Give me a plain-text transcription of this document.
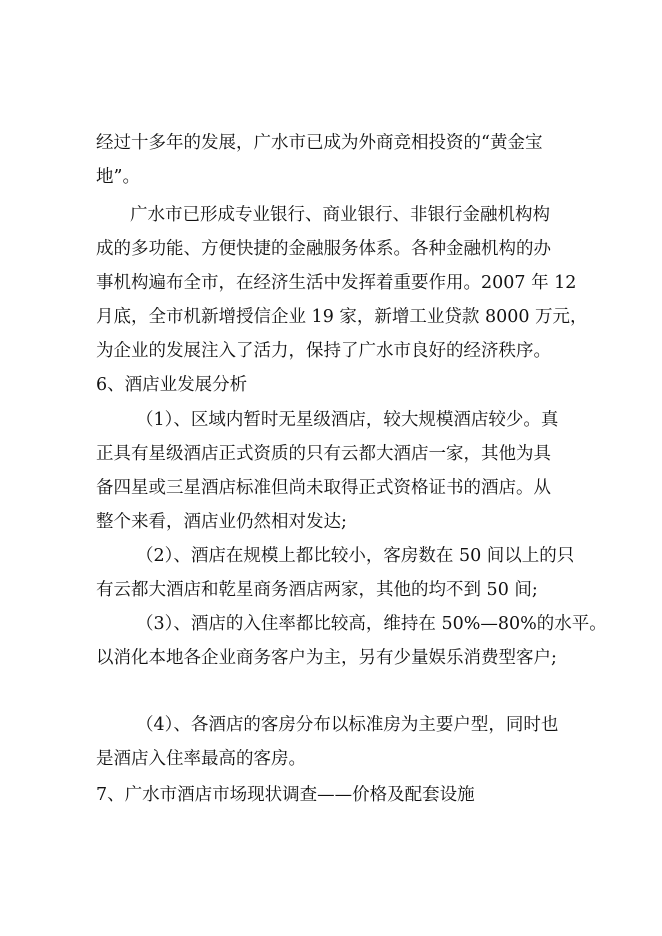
经过十多年的发展，广水市已成为外商竞相投资的“黄金宝
地”。
广水市已形成专业银行、商业银行、非银行金融机构构
成的多功能、方便快捷的金融服务体系。各种金融机构的办
事机构遍布全市，在经济生活中发挥着重要作用。2007 年 12
月底，全市机新增授信企业 19 家，新增工业贷款 8000 万元，
为企业的发展注入了活力，保持了广水市良好的经济秩序。
6、酒店业发展分析
（1）、区域内暂时无星级酒店，较大规模酒店较少。真
正具有星级酒店正式资质的只有云都大酒店一家，其他为具
备四星或三星酒店标准但尚未取得正式资格证书的酒店。从
整个来看，酒店业仍然相对发达;
（2）、酒店在规模上都比较小，客房数在 50 间以上的只
有云都大酒店和乾星商务酒店两家，其他的均不到 50 间;
（3）、酒店的入住率都比较高，维持在 50%—80%的水平。
以消化本地各企业商务客户为主，另有少量娱乐消费型客户;
（4）、各酒店的客房分布以标准房为主要户型，同时也
是酒店入住率最高的客房。
7、广水市酒店市场现状调查——价格及配套设施
